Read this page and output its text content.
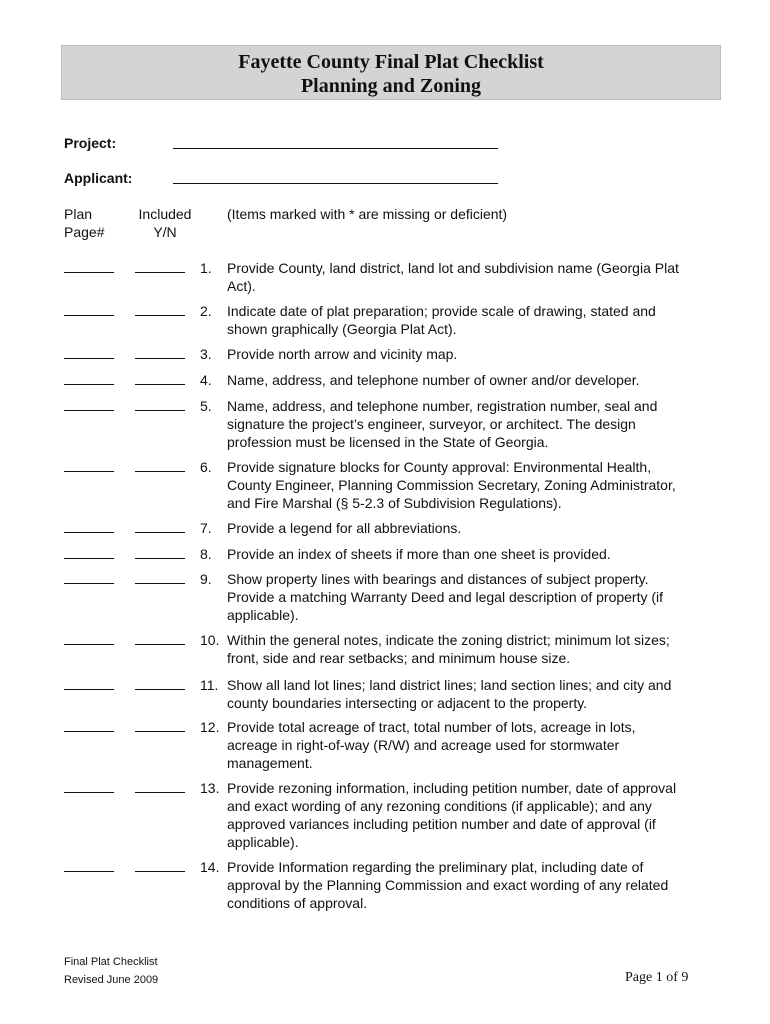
Fayette County Final Plat Checklist
Planning and Zoning
Project:
Applicant:
Plan
Page#
Included
Y/N
(Items marked with * are missing or deficient)
1.	Provide County, land district, land lot and subdivision name (Georgia Plat
Act).
2.	Indicate date of plat preparation; provide scale of drawing, stated and
shown graphically (Georgia Plat Act).
3.	Provide north arrow and vicinity map.
4.	Name, address, and telephone number of owner and/or developer.
5.	Name, address, and telephone number, registration number, seal and
signature the project’s engineer, surveyor, or architect. The design
profession must be licensed in the State of Georgia.
6.	Provide signature blocks for County approval: Environmental Health,
County Engineer, Planning Commission Secretary, Zoning Administrator,
and Fire Marshal (§ 5-2.3 of Subdivision Regulations).
7.	Provide a legend for all abbreviations.
8.	Provide an index of sheets if more than one sheet is provided.
9.	Show property lines with bearings and distances of subject property.
Provide a matching Warranty Deed and legal description of property (if
applicable).
10. Within the general notes, indicate the zoning district; minimum lot sizes;
front, side and rear setbacks; and minimum house size.
11. Show all land lot lines; land district lines; land section lines; and city and
county boundaries intersecting or adjacent to the property.
12. Provide total acreage of tract, total number of lots, acreage in lots,
acreage in right-of-way (R/W) and acreage used for stormwater
management.
13. Provide rezoning information, including petition number, date of approval
and exact wording of any rezoning conditions (if applicable); and any
approved variances including petition number and date of approval (if
applicable).
14. Provide Information regarding the preliminary plat, including date of
approval by the Planning Commission and exact wording of any related
conditions of approval.
Final Plat Checklist
Revised June 2009	Page 1 of 9
